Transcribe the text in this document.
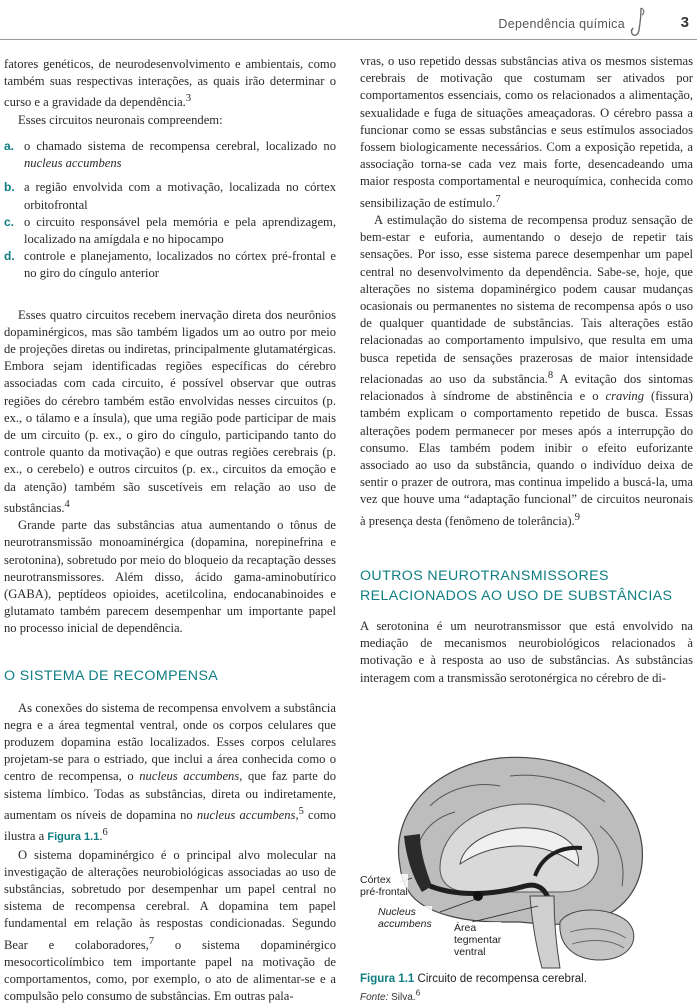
Dependência química	3

fatores genéticos, de neurodesenvolvimento e ambientais, como também suas respectivas interações, as quais irão determinar o curso e a gravidade da dependência.$^3$

Esses circuitos neuronais compreendem:

a. o chamado sistema de recompensa cerebral, localizado no nucleus accumbens
b. a região envolvida com a motivação, localizada no córtex orbitofrontal
c. o circuito responsável pela memória e pela aprendizagem, localizado na amígdala e no hipocampo
d. controle e planejamento, localizados no córtex pré-frontal e no giro do cíngulo anterior

Esses quatro circuitos recebem inervação direta dos neurônios dopaminérgicos, mas são também ligados um ao outro por meio de projeções diretas ou indiretas, principalmente glutamatérgicas. Embora sejam identificadas regiões específicas do cérebro associadas com cada circuito, é possível observar que outras regiões do cérebro também estão envolvidas nesses circuitos (p. ex., o tálamo e a ínsula), que uma região pode participar de mais de um circuito (p. ex., o giro do cíngulo, participando tanto do controle quanto da motivação) e que outras regiões cerebrais (p. ex., o cerebelo) e outros circuitos (p. ex., circuitos da emoção e da atenção) também são suscetíveis em relação ao uso de substâncias.$^4$

Grande parte das substâncias atua aumentando o tônus de neurotransmissão monoaminérgica (dopamina, norepinefrina e serotonina), sobretudo por meio do bloqueio da recaptação desses neurotransmissores. Além disso, ácido gama-aminobutírico (GABA), peptídeos opioides, acetilcolina, endocanabinoides e glutamato também parecem desempenhar um importante papel no processo inicial de dependência.

O SISTEMA DE RECOMPENSA

As conexões do sistema de recompensa envolvem a substância negra e a área tegmental ventral, onde os corpos celulares que produzem dopamina estão localizados. Esses corpos celulares projetam-se para o estriado, que inclui a área conhecida como o centro de recompensa, o nucleus accumbens, que faz parte do sistema límbico. Todas as substâncias, direta ou indiretamente, aumentam os níveis de dopamina no nucleus accumbens,$^5$ como ilustra a Figura 1.1.$^6$

O sistema dopaminérgico é o principal alvo molecular na investigação de alterações neurobiológicas associadas ao uso de substâncias, sobretudo por desempenhar um papel central no sistema de recompensa cerebral. A dopamina tem papel fundamental em relação às respostas condicionadas. Segundo Bear e colaboradores,$^7$ o sistema dopaminérgico mesocorticolímbico tem importante papel na motivação de comportamentos, como, por exemplo, o ato de alimentar-se e a compulsão pelo consumo de substâncias. Em outras pala-

vras, o uso repetido dessas substâncias ativa os mesmos sistemas cerebrais de motivação que costumam ser ativados por comportamentos essenciais, como os relacionados a alimentação, sexualidade e fuga de situações ameaçadoras. O cérebro passa a funcionar como se essas substâncias e seus estímulos associados fossem biologicamente necessários. Com a exposição repetida, a associação torna-se cada vez mais forte, desencadeando uma maior resposta comportamental e neuroquímica, conhecida como sensibilização de estímulo.$^7$

A estimulação do sistema de recompensa produz sensação de bem-estar e euforia, aumentando o desejo de repetir tais sensações. Por isso, esse sistema parece desempenhar um papel central no desenvolvimento da dependência. Sabe-se, hoje, que alterações no sistema dopaminérgico podem causar mudanças ocasionais ou permanentes no sistema de recompensa após o uso de qualquer quantidade de substâncias. Tais alterações estão relacionadas ao comportamento impulsivo, que resulta em uma busca repetida de sensações prazerosas de maior intensidade relacionadas ao uso da substância.$^8$ A evitação dos sintomas relacionados à síndrome de abstinência e o craving (fissura) também explicam o comportamento repetido de busca. Essas alterações podem permanecer por meses após a interrupção do consumo. Elas também podem inibir o efeito euforizante associado ao uso da substância, quando o indivíduo deixa de sentir o prazer de outrora, mas continua impelido a buscá-la, uma vez que houve uma “adaptação funcional” de circuitos neuronais à presença desta (fenômeno de tolerância).$^9$

OUTROS NEUROTRANSMISSORES
RELACIONADOS AO USO DE SUBSTÂNCIAS

A serotonina é um neurotransmissor que está envolvido na mediação de mecanismos neurobiológicos relacionados à motivação e à resposta ao uso de substâncias. As substâncias interagem com a transmissão serotonérgica no cérebro de di-

Córtex
pré-frontal
Nucleus
accumbens Área
tegmentar
ventral
Figura 1.1 Circuito de recompensa cerebral.
Fonte: Silva.$^6$
